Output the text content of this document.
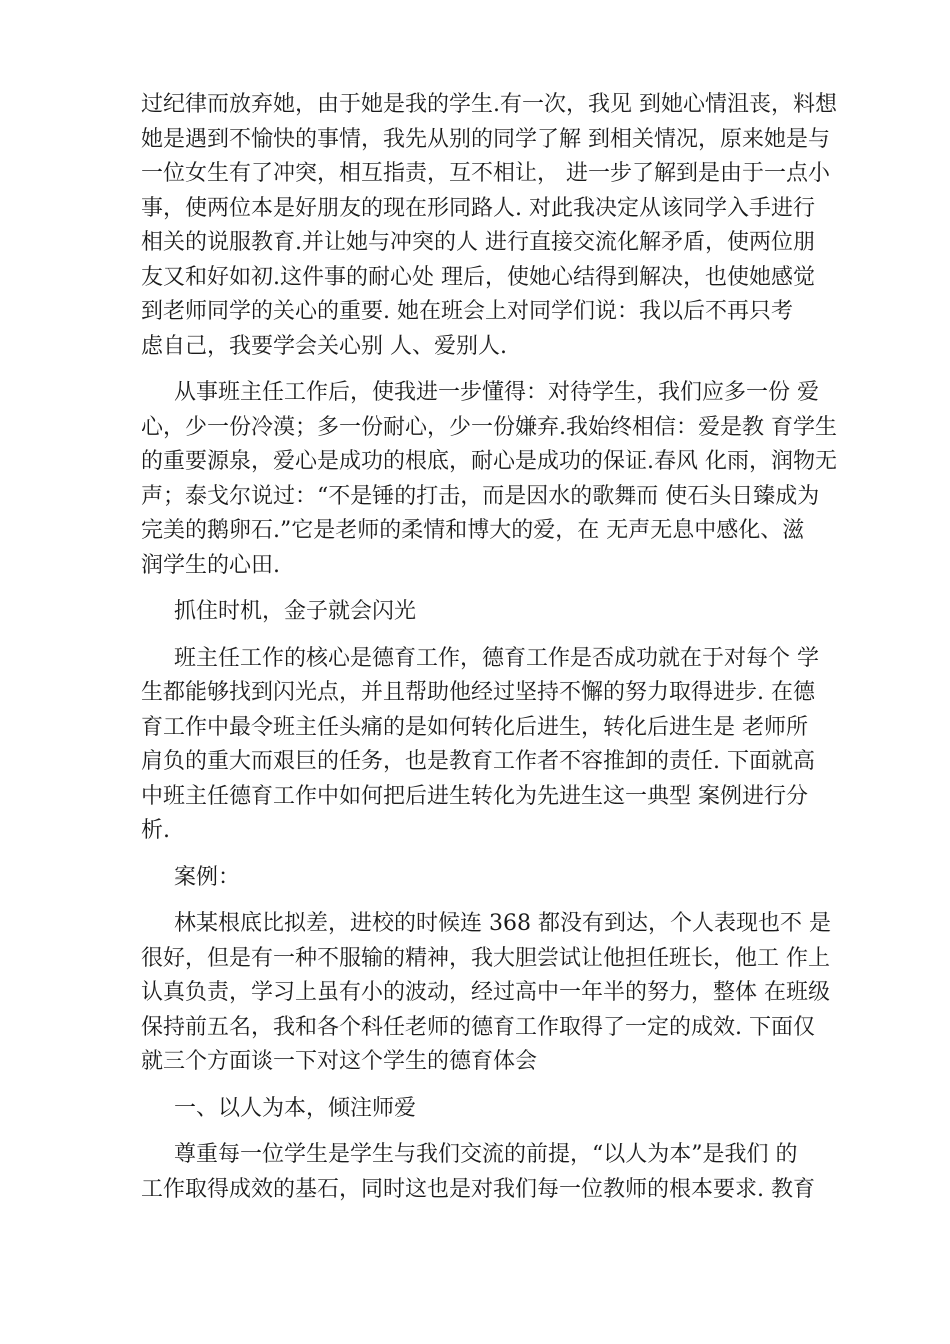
过纪律而放弃她，由于她是我的学生.有一次，我见 到她心情沮丧，料想
她是遇到不愉快的事情，我先从别的同学了解 到相关情况，原来她是与
一位女生有了冲突，相互指责，互不相让， 进一步了解到是由于一点小
事，使两位本是好朋友的现在形同路人. 对此我决定从该同学入手进行
相关的说服教育.并让她与冲突的人 进行直接交流化解矛盾，使两位朋
友又和好如初.这件事的耐心处 理后，使她心结得到解决，也使她感觉
到老师同学的关心的重要. 她在班会上对同学们说：我以后不再只考
虑自己，我要学会关心别 人、爱别人.
从事班主任工作后，使我进一步懂得：对待学生，我们应多一份 爱
心，少一份冷漠；多一份耐心，少一份嫌弃.我始终相信：爱是教 育学生
的重要源泉，爱心是成功的根底，耐心是成功的保证.春风 化雨，润物无
声；泰戈尔说过：“不是锤的打击，而是因水的歌舞而 使石头日臻成为
完美的鹅卵石.”它是老师的柔情和博大的爱，在 无声无息中感化、滋
润学生的心田.
抓住时机，金子就会闪光
班主任工作的核心是德育工作，德育工作是否成功就在于对每个 学
生都能够找到闪光点，并且帮助他经过坚持不懈的努力取得进步. 在德
育工作中最令班主任头痛的是如何转化后进生，转化后进生是 老师所
肩负的重大而艰巨的任务，也是教育工作者不容推卸的责任. 下面就高
中班主任德育工作中如何把后进生转化为先进生这一典型 案例进行分
析.
案例：
林某根底比拟差，进校的时候连 368 都没有到达，个人表现也不 是
很好，但是有一种不服输的精神，我大胆尝试让他担任班长，他工 作上
认真负责，学习上虽有小的波动，经过高中一年半的努力，整体 在班级
保持前五名，我和各个科任老师的德育工作取得了一定的成效. 下面仅
就三个方面谈一下对这个学生的德育体会
一、以人为本，倾注师爱
尊重每一位学生是学生与我们交流的前提，“以人为本”是我们 的
工作取得成效的基石，同时这也是对我们每一位教师的根本要求. 教育
